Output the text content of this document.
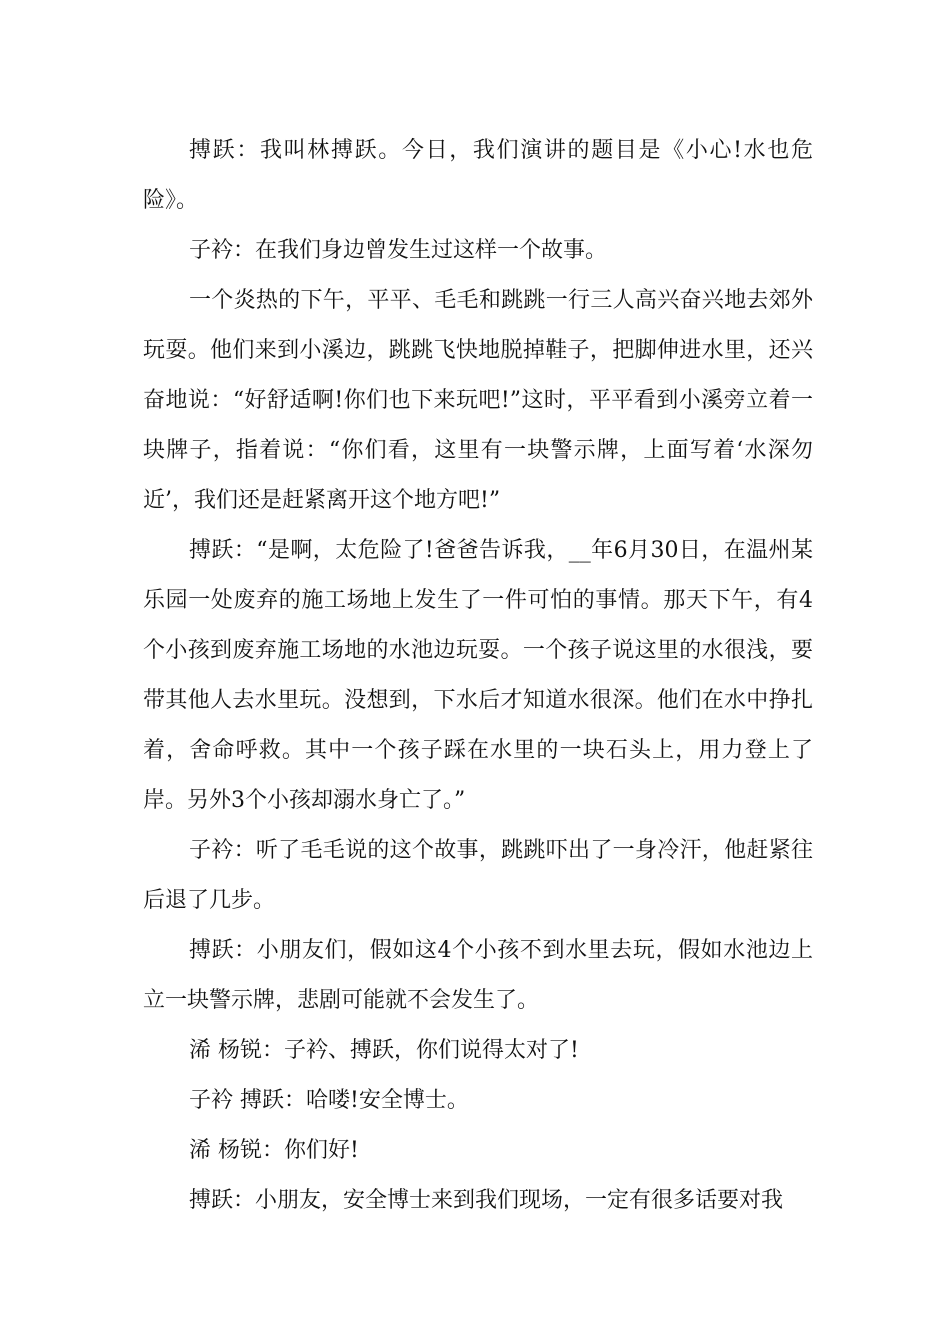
搏跃：我叫林搏跃。今日，我们演讲的题目是《小心!水也危险》。

子衿：在我们身边曾发生过这样一个故事。

一个炎热的下午，平平、毛毛和跳跳一行三人高兴奋兴地去郊外玩耍。他们来到小溪边，跳跳飞快地脱掉鞋子，把脚伸进水里，还兴奋地说：“好舒适啊!你们也下来玩吧!”这时，平平看到小溪旁立着一块牌子，指着说：“你们看，这里有一块警示牌，上面写着‘水深勿近’，我们还是赶紧离开这个地方吧!”

搏跃：“是啊，太危险了!爸爸告诉我，__年6月30日，在温州某乐园一处废弃的施工场地上发生了一件可怕的事情。那天下午，有4个小孩到废弃施工场地的水池边玩耍。一个孩子说这里的水很浅，要带其他人去水里玩。没想到，下水后才知道水很深。他们在水中挣扎着，舍命呼救。其中一个孩子踩在水里的一块石头上，用力登上了岸。另外3个小孩却溺水身亡了。”

子衿：听了毛毛说的这个故事，跳跳吓出了一身冷汗，他赶紧往后退了几步。

搏跃：小朋友们，假如这4个小孩不到水里去玩，假如水池边上立一块警示牌，悲剧可能就不会发生了。

浠 杨锐：子衿、搏跃，你们说得太对了!

子衿 搏跃：哈喽!安全博士。

浠 杨锐：你们好!

搏跃：小朋友，安全博士来到我们现场，一定有很多话要对我
